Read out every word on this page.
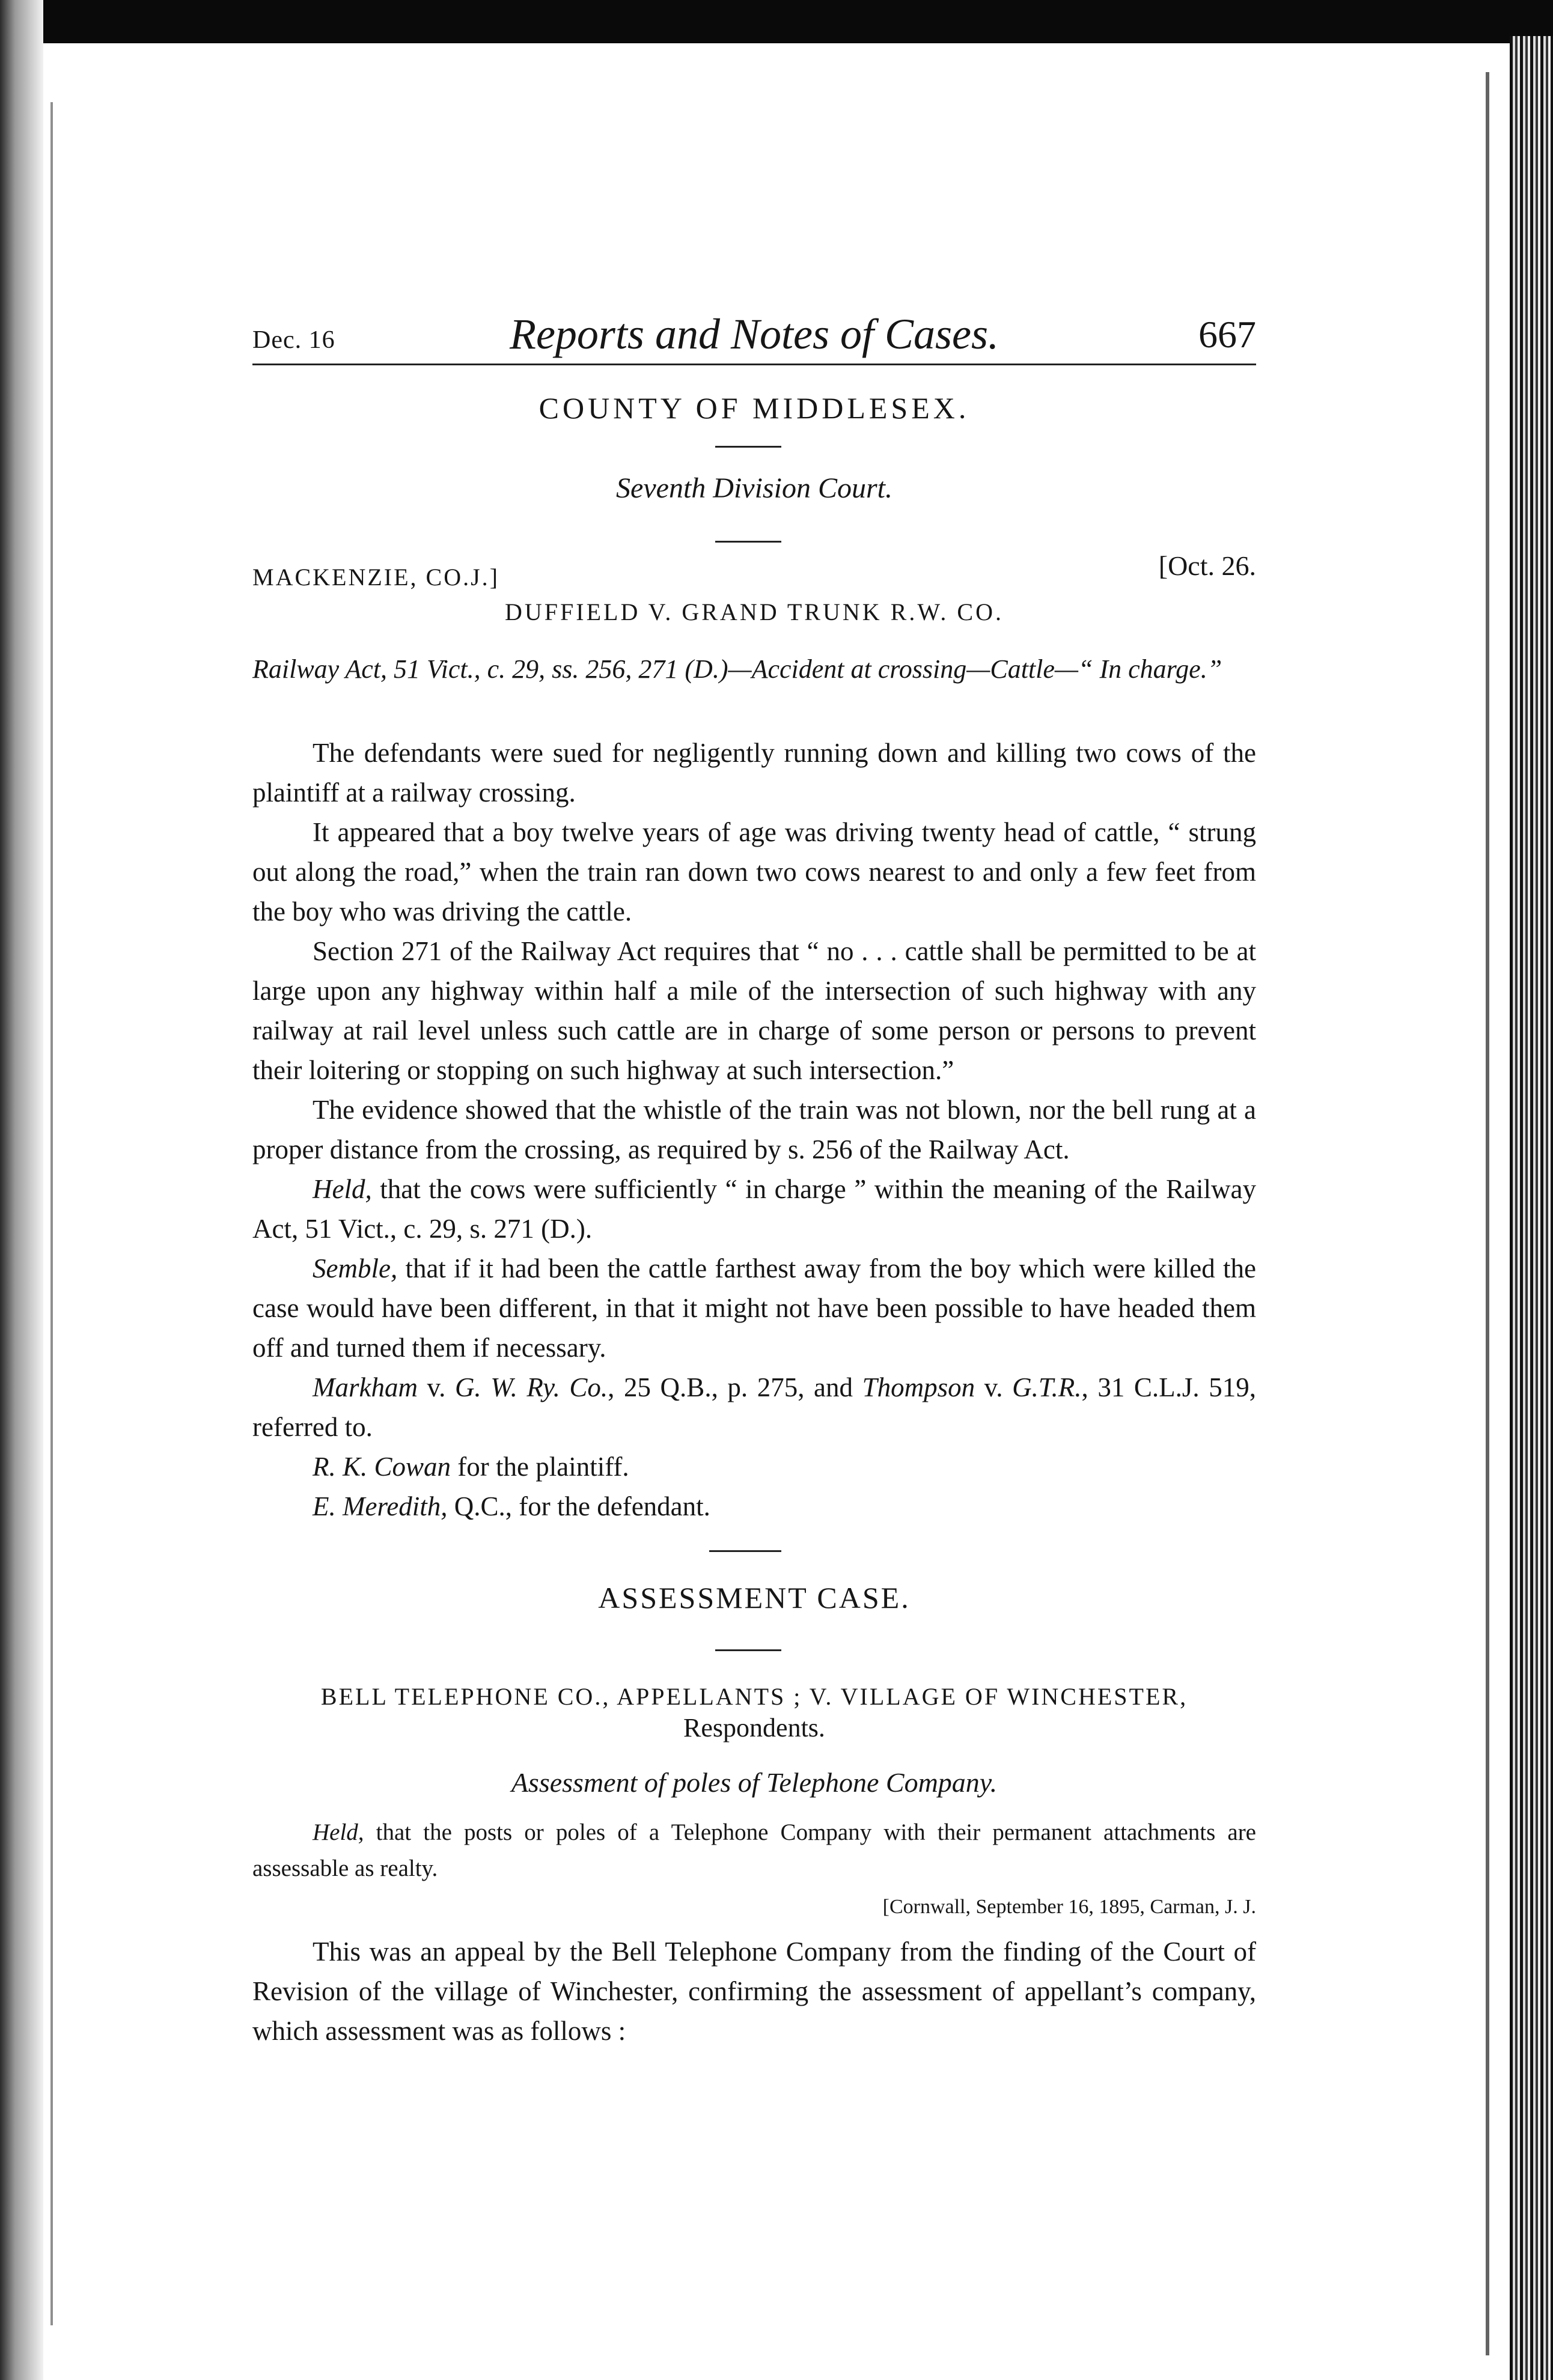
Dec. 16	Reports and Notes of Cases.	667
COUNTY OF MIDDLESEX.
Seventh Division Court.
MACKENZIE, CO.J.]	[Oct. 26.
DUFFIELD V. GRAND TRUNK R.W. CO.
Railway Act, 51 Vict., c. 29, ss. 256, 271 (D.)—Accident at crossing—Cattle—“ In charge.”

The defendants were sued for negligently running down and killing two cows of the plaintiff at a railway crossing.

It appeared that a boy twelve years of age was driving twenty head of cattle, “ strung out along the road,” when the train ran down two cows nearest to and only a few feet from the boy who was driving the cattle.

Section 271 of the Railway Act requires that “ no . . . cattle shall be permitted to be at large upon any highway within half a mile of the intersection of such highway with any railway at rail level unless such cattle are in charge of some person or persons to prevent their loitering or stopping on such highway at such intersection.”

The evidence showed that the whistle of the train was not blown, nor the bell rung at a proper distance from the crossing, as required by s. 256 of the Railway Act.

Held, that the cows were sufficiently “ in charge ” within the meaning of the Railway Act, 51 Vict., c. 29, s. 271 (D.).

Semble, that if it had been the cattle farthest away from the boy which were killed the case would have been different, in that it might not have been possible to have headed them off and turned them if necessary.

Markham v. G. W. Ry. Co., 25 Q.B., p. 275, and Thompson v. G.T.R., 31 C.L.J. 519, referred to.

R. K. Cowan for the plaintiff.

E. Meredith, Q.C., for the defendant.

ASSESSMENT CASE.
BELL TELEPHONE CO., APPELLANTS ; V. VILLAGE OF WINCHESTER,
Respondents.
Assessment of poles of Telephone Company.

Held, that the posts or poles of a Telephone Company with their permanent attachments are assessable as realty.

[Cornwall, September 16, 1895, Carman, J. J.

This was an appeal by the Bell Telephone Company from the finding of the Court of Revision of the village of Winchester, confirming the assessment of appellant’s company, which assessment was as follows :
